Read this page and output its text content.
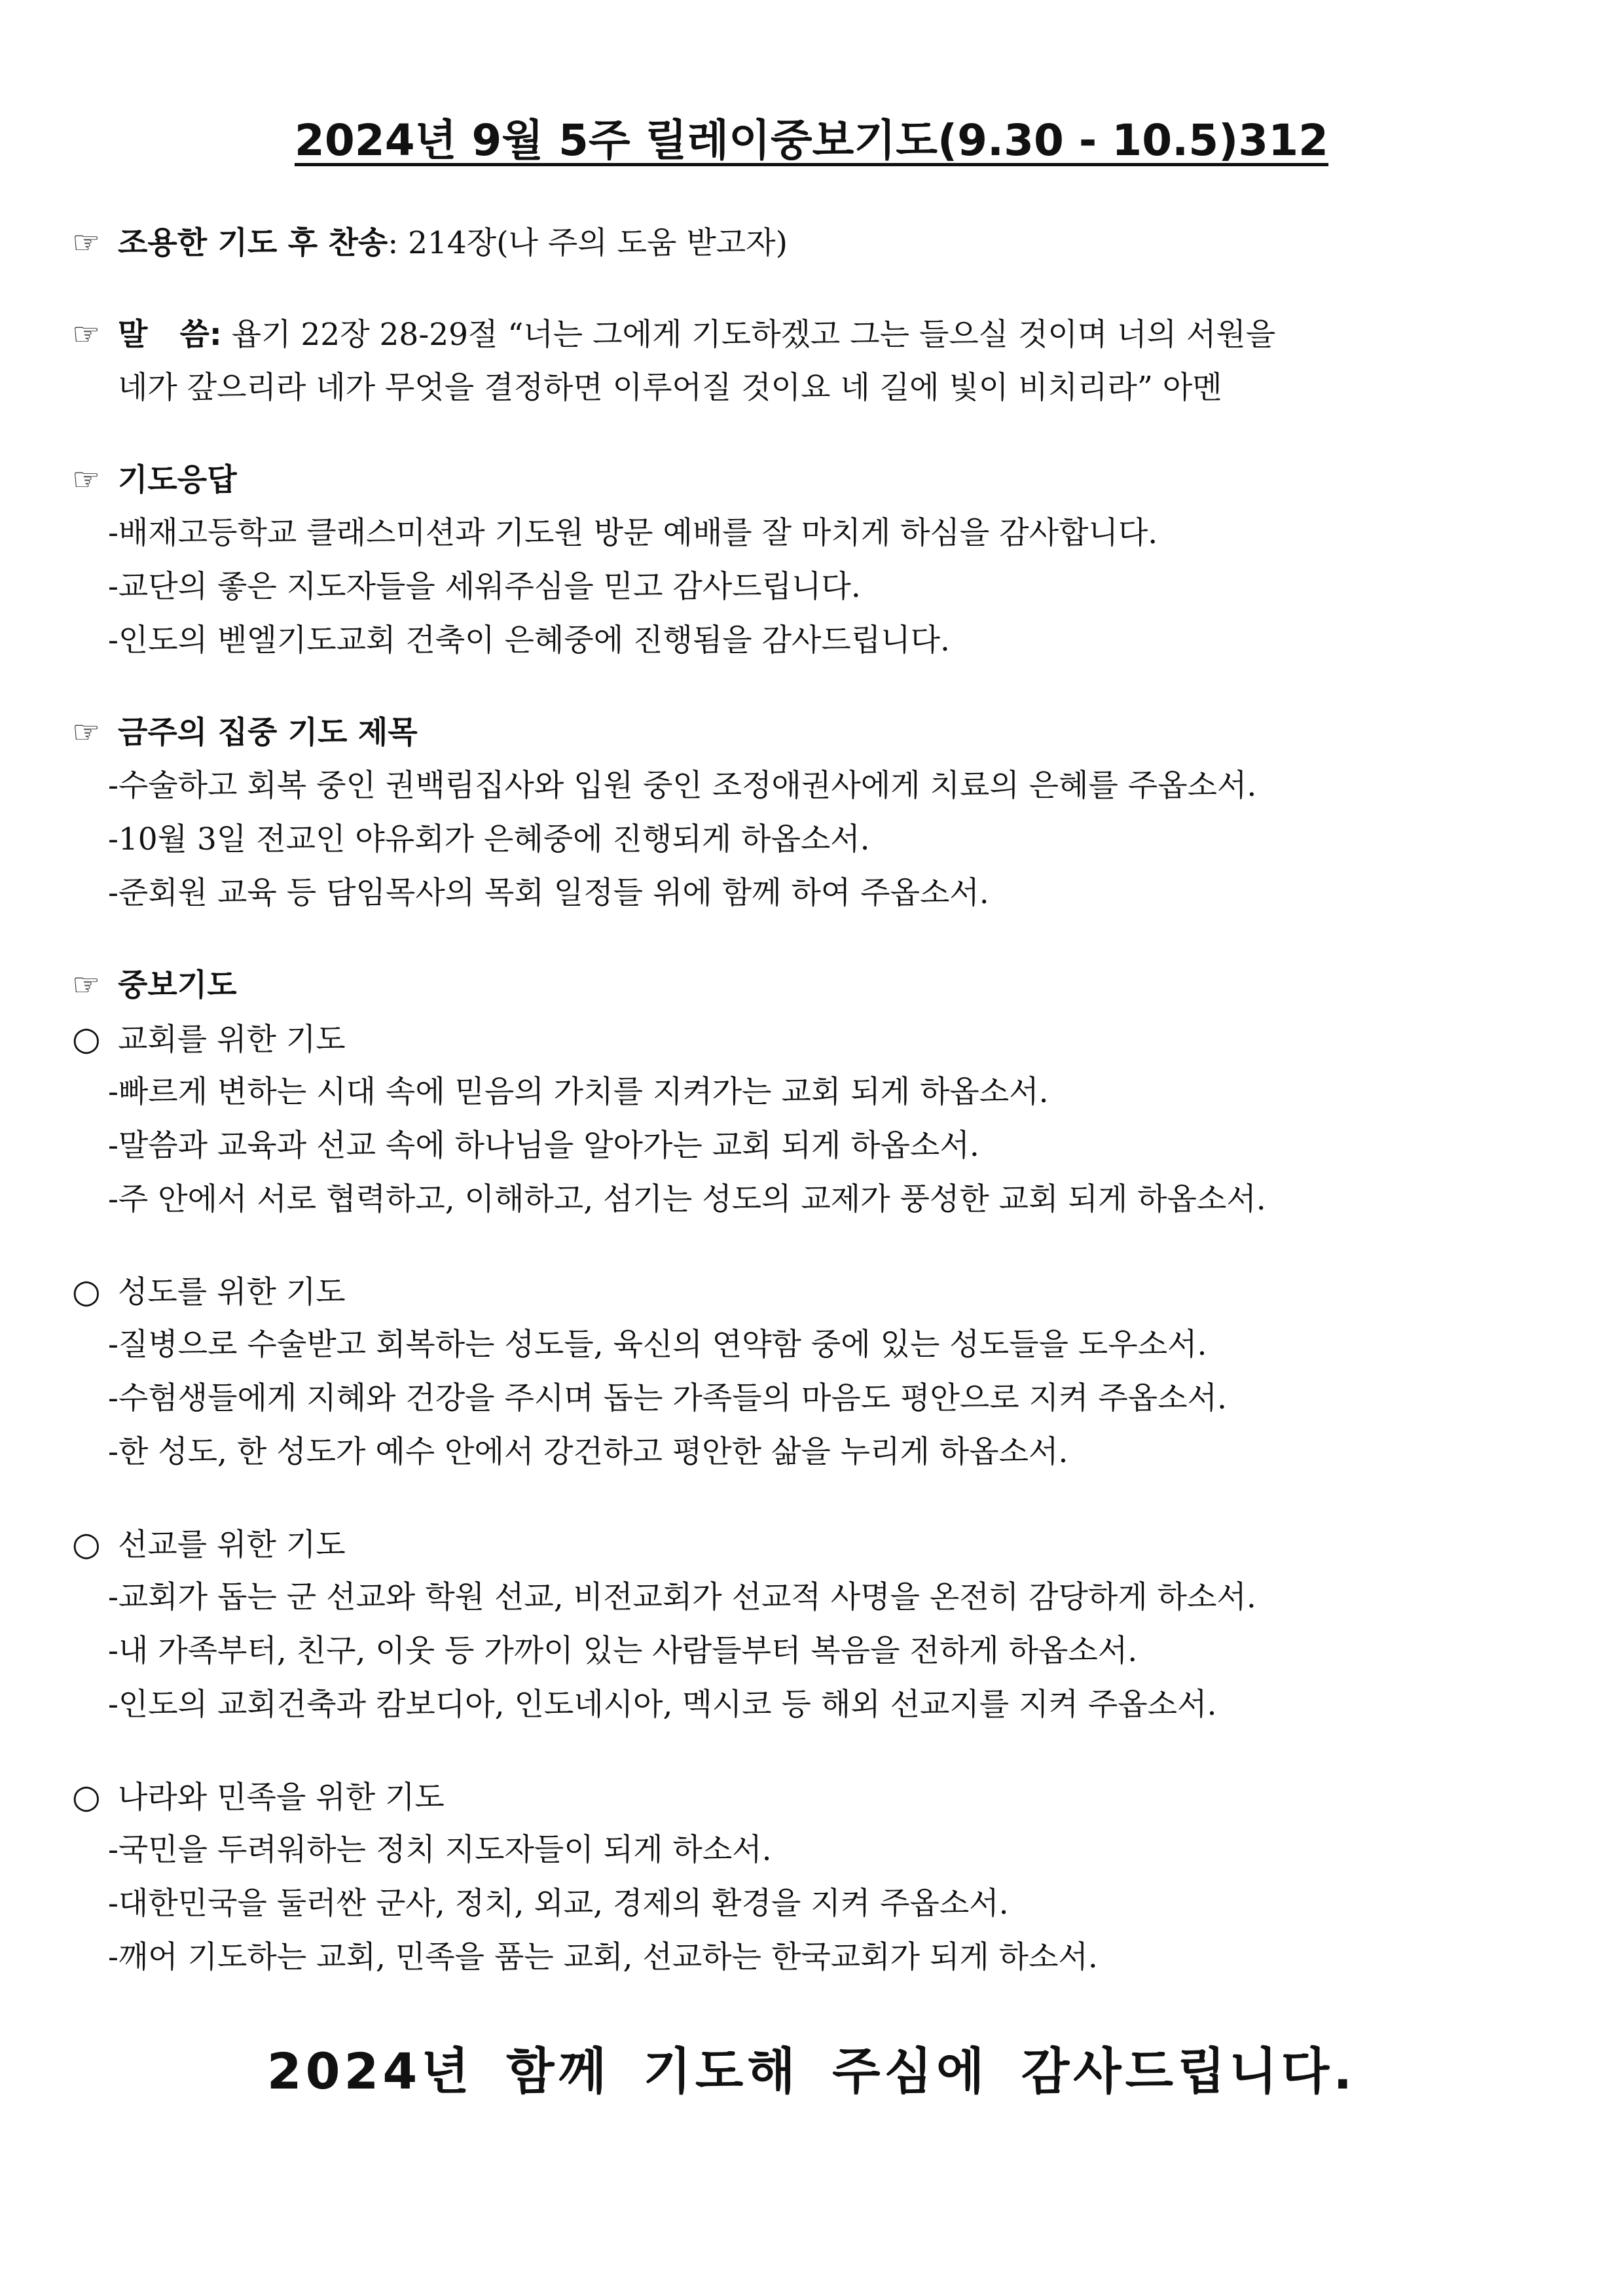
2024년 9월 5주 릴레이중보기도(9.30 - 10.5)312
☞ 조용한 기도 후 찬송: 214장(나 주의 도움 받고자)
☞ 말   씀: 욥기 22장 28-29절 “너는 그에게 기도하겠고 그는 들으실 것이며 너의 서원을
네가 갚으리라 네가 무엇을 결정하면 이루어질 것이요 네 길에 빛이 비치리라” 아멘
☞ 기도응답
-배재고등학교 클래스미션과 기도원 방문 예배를 잘 마치게 하심을 감사합니다.
-교단의 좋은 지도자들을 세워주심을 믿고 감사드립니다.
-인도의 벧엘기도교회 건축이 은혜중에 진행됨을 감사드립니다.
☞ 금주의 집중 기도 제목
-수술하고 회복 중인 권백림집사와 입원 중인 조정애권사에게 치료의 은혜를 주옵소서.
-10월 3일 전교인 야유회가 은혜중에 진행되게 하옵소서.
-준회원 교육 등 담임목사의 목회 일정들 위에 함께 하여 주옵소서.
☞ 중보기도
○ 교회를 위한 기도
-빠르게 변하는 시대 속에 믿음의 가치를 지켜가는 교회 되게 하옵소서.
-말씀과 교육과 선교 속에 하나님을 알아가는 교회 되게 하옵소서.
-주 안에서 서로 협력하고, 이해하고, 섬기는 성도의 교제가 풍성한 교회 되게 하옵소서.
○ 성도를 위한 기도
-질병으로 수술받고 회복하는 성도들, 육신의 연약함 중에 있는 성도들을 도우소서.
-수험생들에게 지혜와 건강을 주시며 돕는 가족들의 마음도 평안으로 지켜 주옵소서.
-한 성도, 한 성도가 예수 안에서 강건하고 평안한 삶을 누리게 하옵소서.
○ 선교를 위한 기도
-교회가 돕는 군 선교와 학원 선교, 비전교회가 선교적 사명을 온전히 감당하게 하소서.
-내 가족부터, 친구, 이웃 등 가까이 있는 사람들부터 복음을 전하게 하옵소서.
-인도의 교회건축과 캄보디아, 인도네시아, 멕시코 등 해외 선교지를 지켜 주옵소서.
○ 나라와 민족을 위한 기도
-국민을 두려워하는 정치 지도자들이 되게 하소서.
-대한민국을 둘러싼 군사, 정치, 외교, 경제의 환경을 지켜 주옵소서.
-깨어 기도하는 교회, 민족을 품는 교회, 선교하는 한국교회가 되게 하소서.
2024년 함께 기도해 주심에 감사드립니다.
